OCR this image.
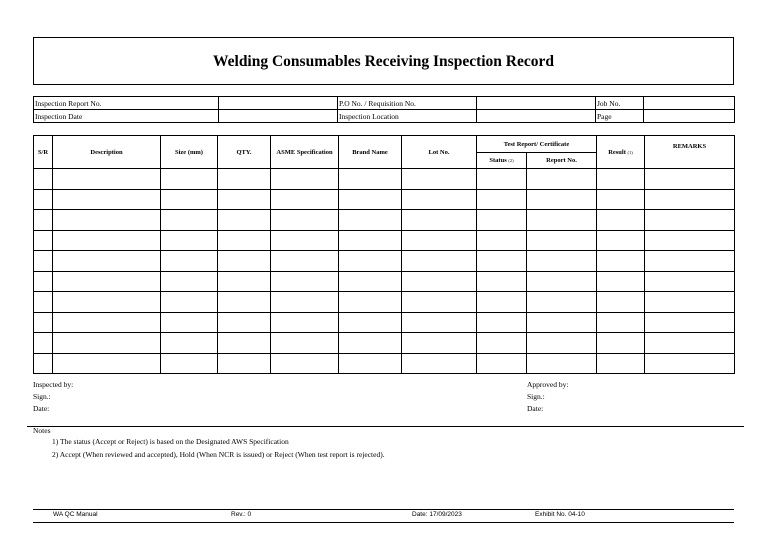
Welding Consumables Receiving Inspection Record
Inspection Report No.		P.O No. / Requisition No.		Job No.	
Inspection Date		Inspection Location		Page	
S/R	Description	Size (mm)	QTY.	ASME Specification	Brand Name	Lot No.	Test Report/ Certificate		Result (1)	REMARKS
							Status (2)	Report No.		

Inspected by:
Sign.:
Date:
Approved by:
Sign.:
Date:
Notes
1) The status (Accept or Reject) is based on the Designated AWS Specification
2) Accept (When reviewed and accepted), Hold (When NCR is issued) or Reject (When test report is rejected).
WA QC Manual	Rev.: 0	Date: 17/09/2023	Exhibit No. 04-10
